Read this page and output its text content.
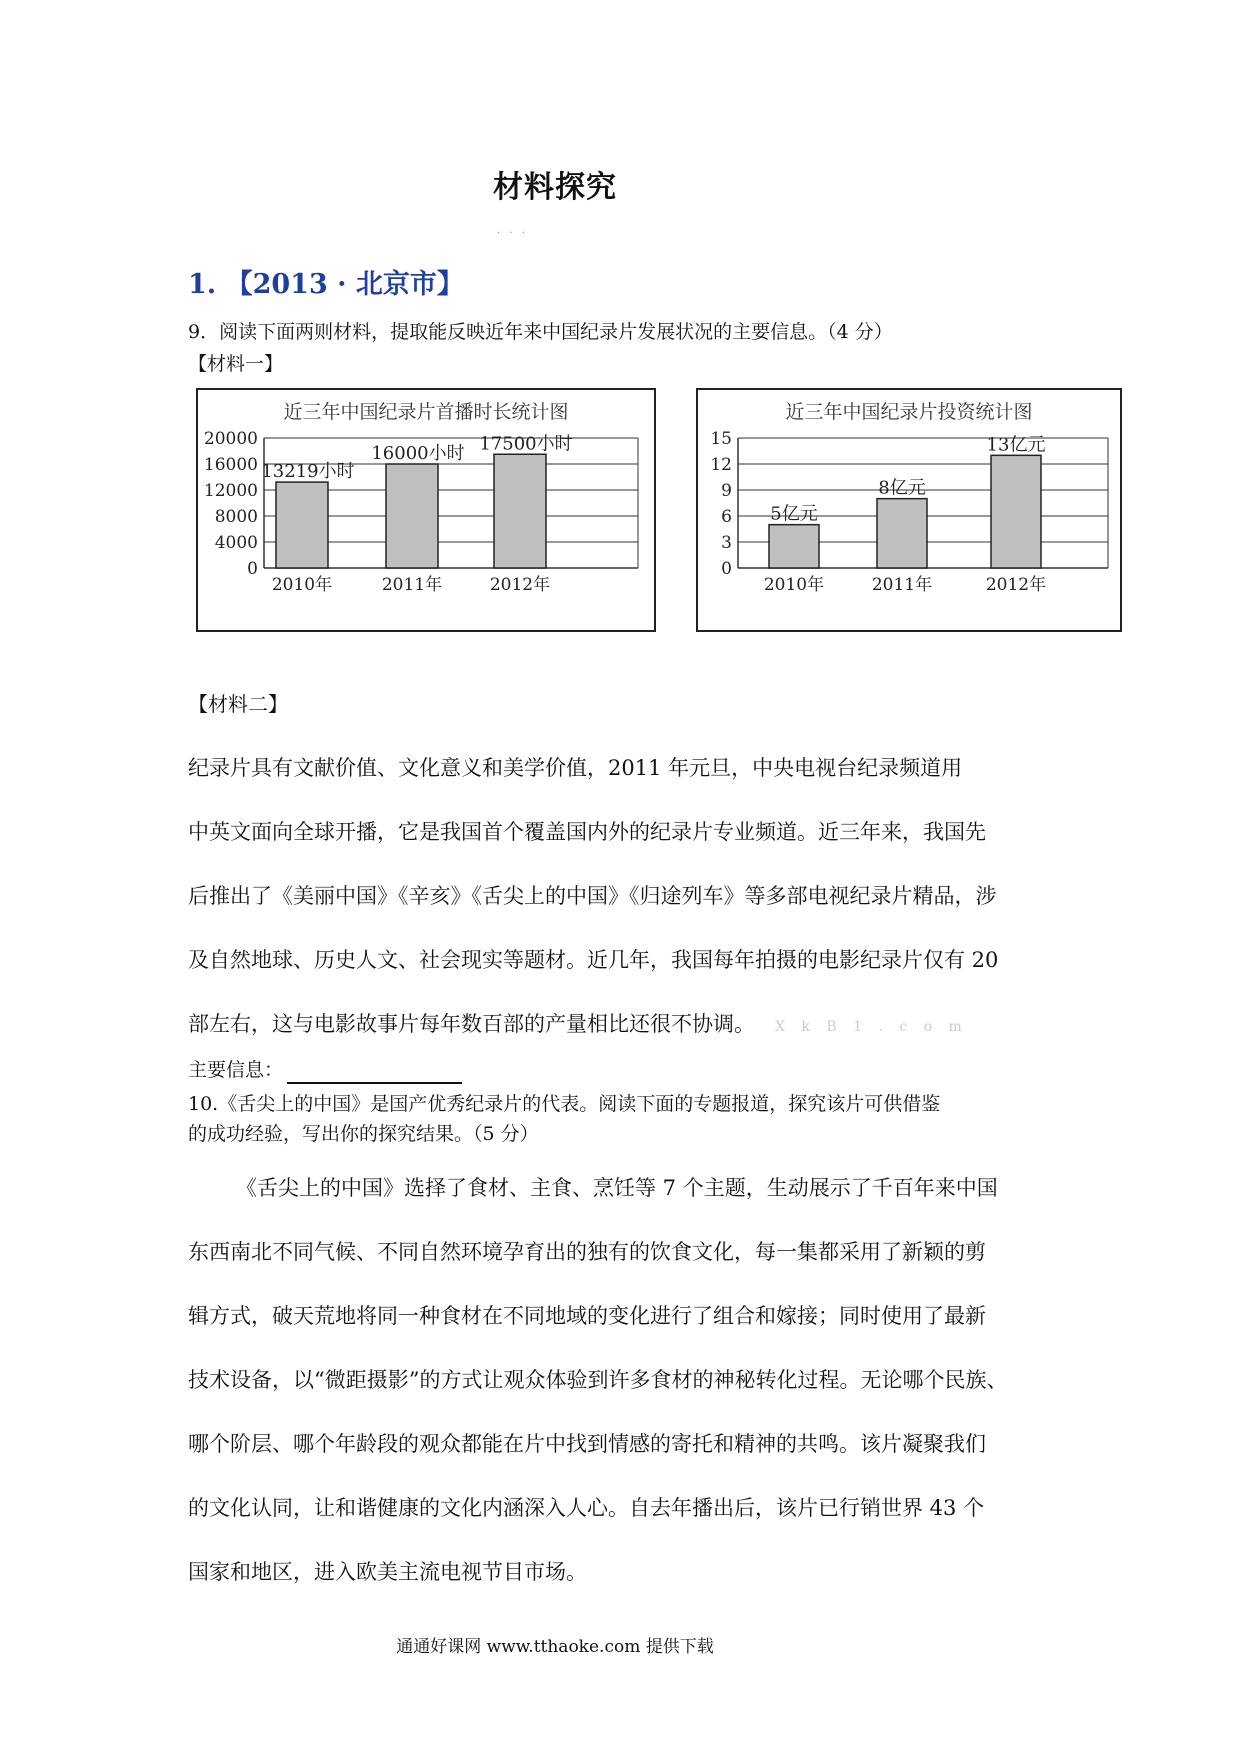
材料探究
· · ·
1. 【2013 · 北京市】
9．阅读下面两则材料，提取能反映近年来中国纪录片发展状况的主要信息。（4 分）
【材料一】
近三年中国纪录片首播时长统计图
0
4000
8000
12000
16000
20000
13219小时
2010年
16000小时
2011年
17500小时
2012年
近三年中国纪录片投资统计图
0
3
6
9
12
15
5亿元
2010年
8亿元
2011年
13亿元
2012年
【材料二】
纪录片具有文献价值、文化意义和美学价值，2011 年元旦，中央电视台纪录频道用
中英文面向全球开播，它是我国首个覆盖国内外的纪录片专业频道。近三年来，我国先
后推出了《美丽中国》《辛亥》《舌尖上的中国》《归途列车》等多部电视纪录片精品，涉
及自然地球、历史人文、社会现实等题材。近几年，我国每年拍摄的电影纪录片仅有 20
部左右，这与电影故事片每年数百部的产量相比还很不协调。 X k B 1 . c o m
主要信息：
10.《舌尖上的中国》是国产优秀纪录片的代表。阅读下面的专题报道，探究该片可供借鉴
的成功经验，写出你的探究结果。（5 分）
《舌尖上的中国》选择了食材、主食、烹饪等 7 个主题，生动展示了千百年来中国
东西南北不同气候、不同自然环境孕育出的独有的饮食文化，每一集都采用了新颖的剪
辑方式，破天荒地将同一种食材在不同地域的变化进行了组合和嫁接；同时使用了最新
技术设备，以“微距摄影”的方式让观众体验到许多食材的神秘转化过程。无论哪个民族、
哪个阶层、哪个年龄段的观众都能在片中找到情感的寄托和精神的共鸣。该片凝聚我们
的文化认同，让和谐健康的文化内涵深入人心。自去年播出后，该片已行销世界 43 个
国家和地区，进入欧美主流电视节目市场。
通通好课网 www.tthaoke.com 提供下载
